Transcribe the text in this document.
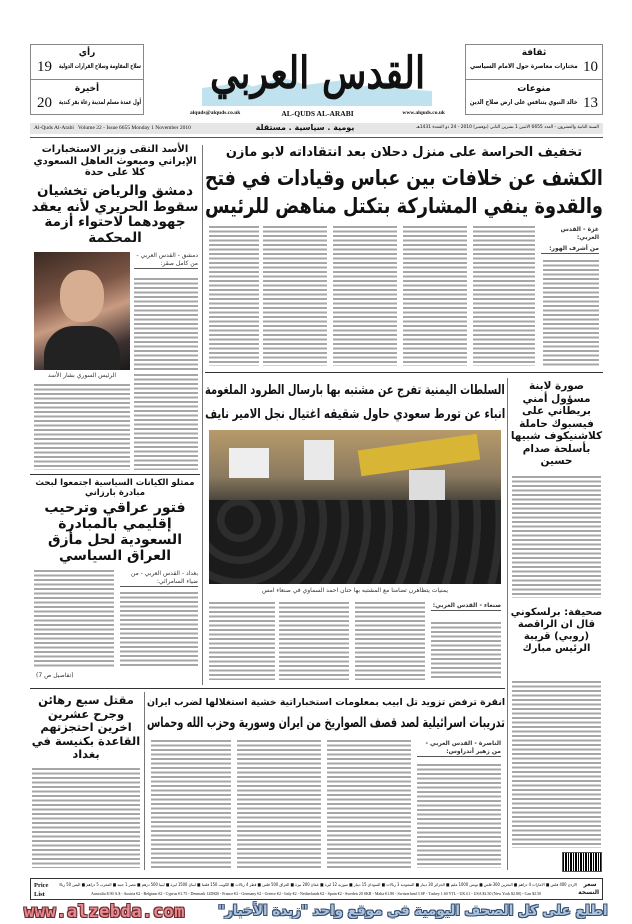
رأي
سلاح المقاومة وسلاح القرارات الدولية
19
أخيرة
أول عمدة مسلم لمدينة رعاة بقر كندية
20
ثقافة
مختارات معاصرة حول الامام السياسي 10
منوعات
خالد النبوي يتنافس على ارض صلاح الدين 13
القدس العربي
AL-QUDS AL-ARABI
alquds@alquds.co.uk	www.alquds.co.uk
Al-Quds Al-Arabi   Volume 22 - Issue 6655 Monday 1 November 2010	يومية . سياسية . مستقلة	السنة الثانية والعشرون - العدد 6655 الاثنين 1 تشرين الثاني (نوفمبر) 2010 - 24 ذو القعدة 1431هـ
تخفيف الحراسة على منزل دحلان بعد انتقاداته لابو مازن
الكشف عن خلافات بين عباس وقيادات في فتح
والقدوة ينفي المشاركة بتكتل مناهض للرئيس
غزة - القدس العربي:
من أشرف الهور:
الأسد التقى وزير الاستخبارات الإيراني ومبعوث العاهل السعودي كلا على حدة
دمشق والرياض تخشيان سقوط الحريري لأنه يعقد جهودهما لاحتواء أزمة المحكمة
الرئيس السوري بشار الأسد
دمشق - القدس العربي - من كامل صقر:
ممثلو الكيانات السياسية اجتمعوا لبحث مبادرة بارزاني
فتور عراقي وترحيب إقليمي بالمبادرة السعودية لحل مأزق العراق السياسي
بغداد - القدس العربي - من ضياء السامرائي:
(تفاصيل ص 7)
السلطات اليمنية تفرج عن مشتبه بها بارسال الطرود الملغومة
انباء عن تورط سعودي حاول شقيقه اغتيال نجل الامير نايف
يمنيات يتظاهرن تضامنا مع المشتبه بها حنان احمد السماوي في صنعاء امس
صنعاء - القدس العربي:
صورة لابنة مسؤول أمني بريطاني على فيسبوك حاملة كلاشنيكوف شبيها بأسلحة صدام حسين
صحيفة: برلسكوني قال ان الراقصة (روبي) قريبة الرئيس مبارك
مقتل سبع رهائن وجرح عشرين اخرين احتجزتهم القاعدة بكنيسة في بغداد
انقرة ترفض تزويد تل ابيب بمعلومات استخباراتية خشية استغلالها لضرب ايران
تدريبات اسرائيلية لصد قصف الصواريخ من ايران وسورية وحزب الله وحماس
الناصرة - القدس العربي - من زهير أندراوس:
Price List
سعر النسخة
الاردن 400 فلس ■ الامارات 4 دراهم ■ البحرين 300 فلس ■ تونس 1000 مليم ■ الجزائر 30 دينار ■ السعودية 3 ريالات ■ السودان 15 دينار ■ سورية 12 ليرة ■ عمان 200 بيزة ■ العراق 500 فلس ■ قطر 4 ريالات ■ الكويت 150 فلسا ■ لبنان 1500 ليرة ■ ليبيا 500 درهم ■ مصر 1 جنيه ■ المغرب 5 دراهم ■ اليمن 50 ريالا
Australia $.90 A.$ - Austria €2 - Belgium €2 - Cyprus €1.75 - Denmark 12DKR - France €2 - Germany €2 - Greece €2 - Italy €2 - Netherlands €2 - Spain €2 - Sweden 20 SKR - Malta €1.80 - Switzerland 3 SF - Turkey 1.60 YTL - UK £1 - USA $2.50 (New York $2.80) - Can $2.50
www.alzebda.com	اطلع على كل الصحف اليومية في موقع واحد "زبدة الأخبار"
